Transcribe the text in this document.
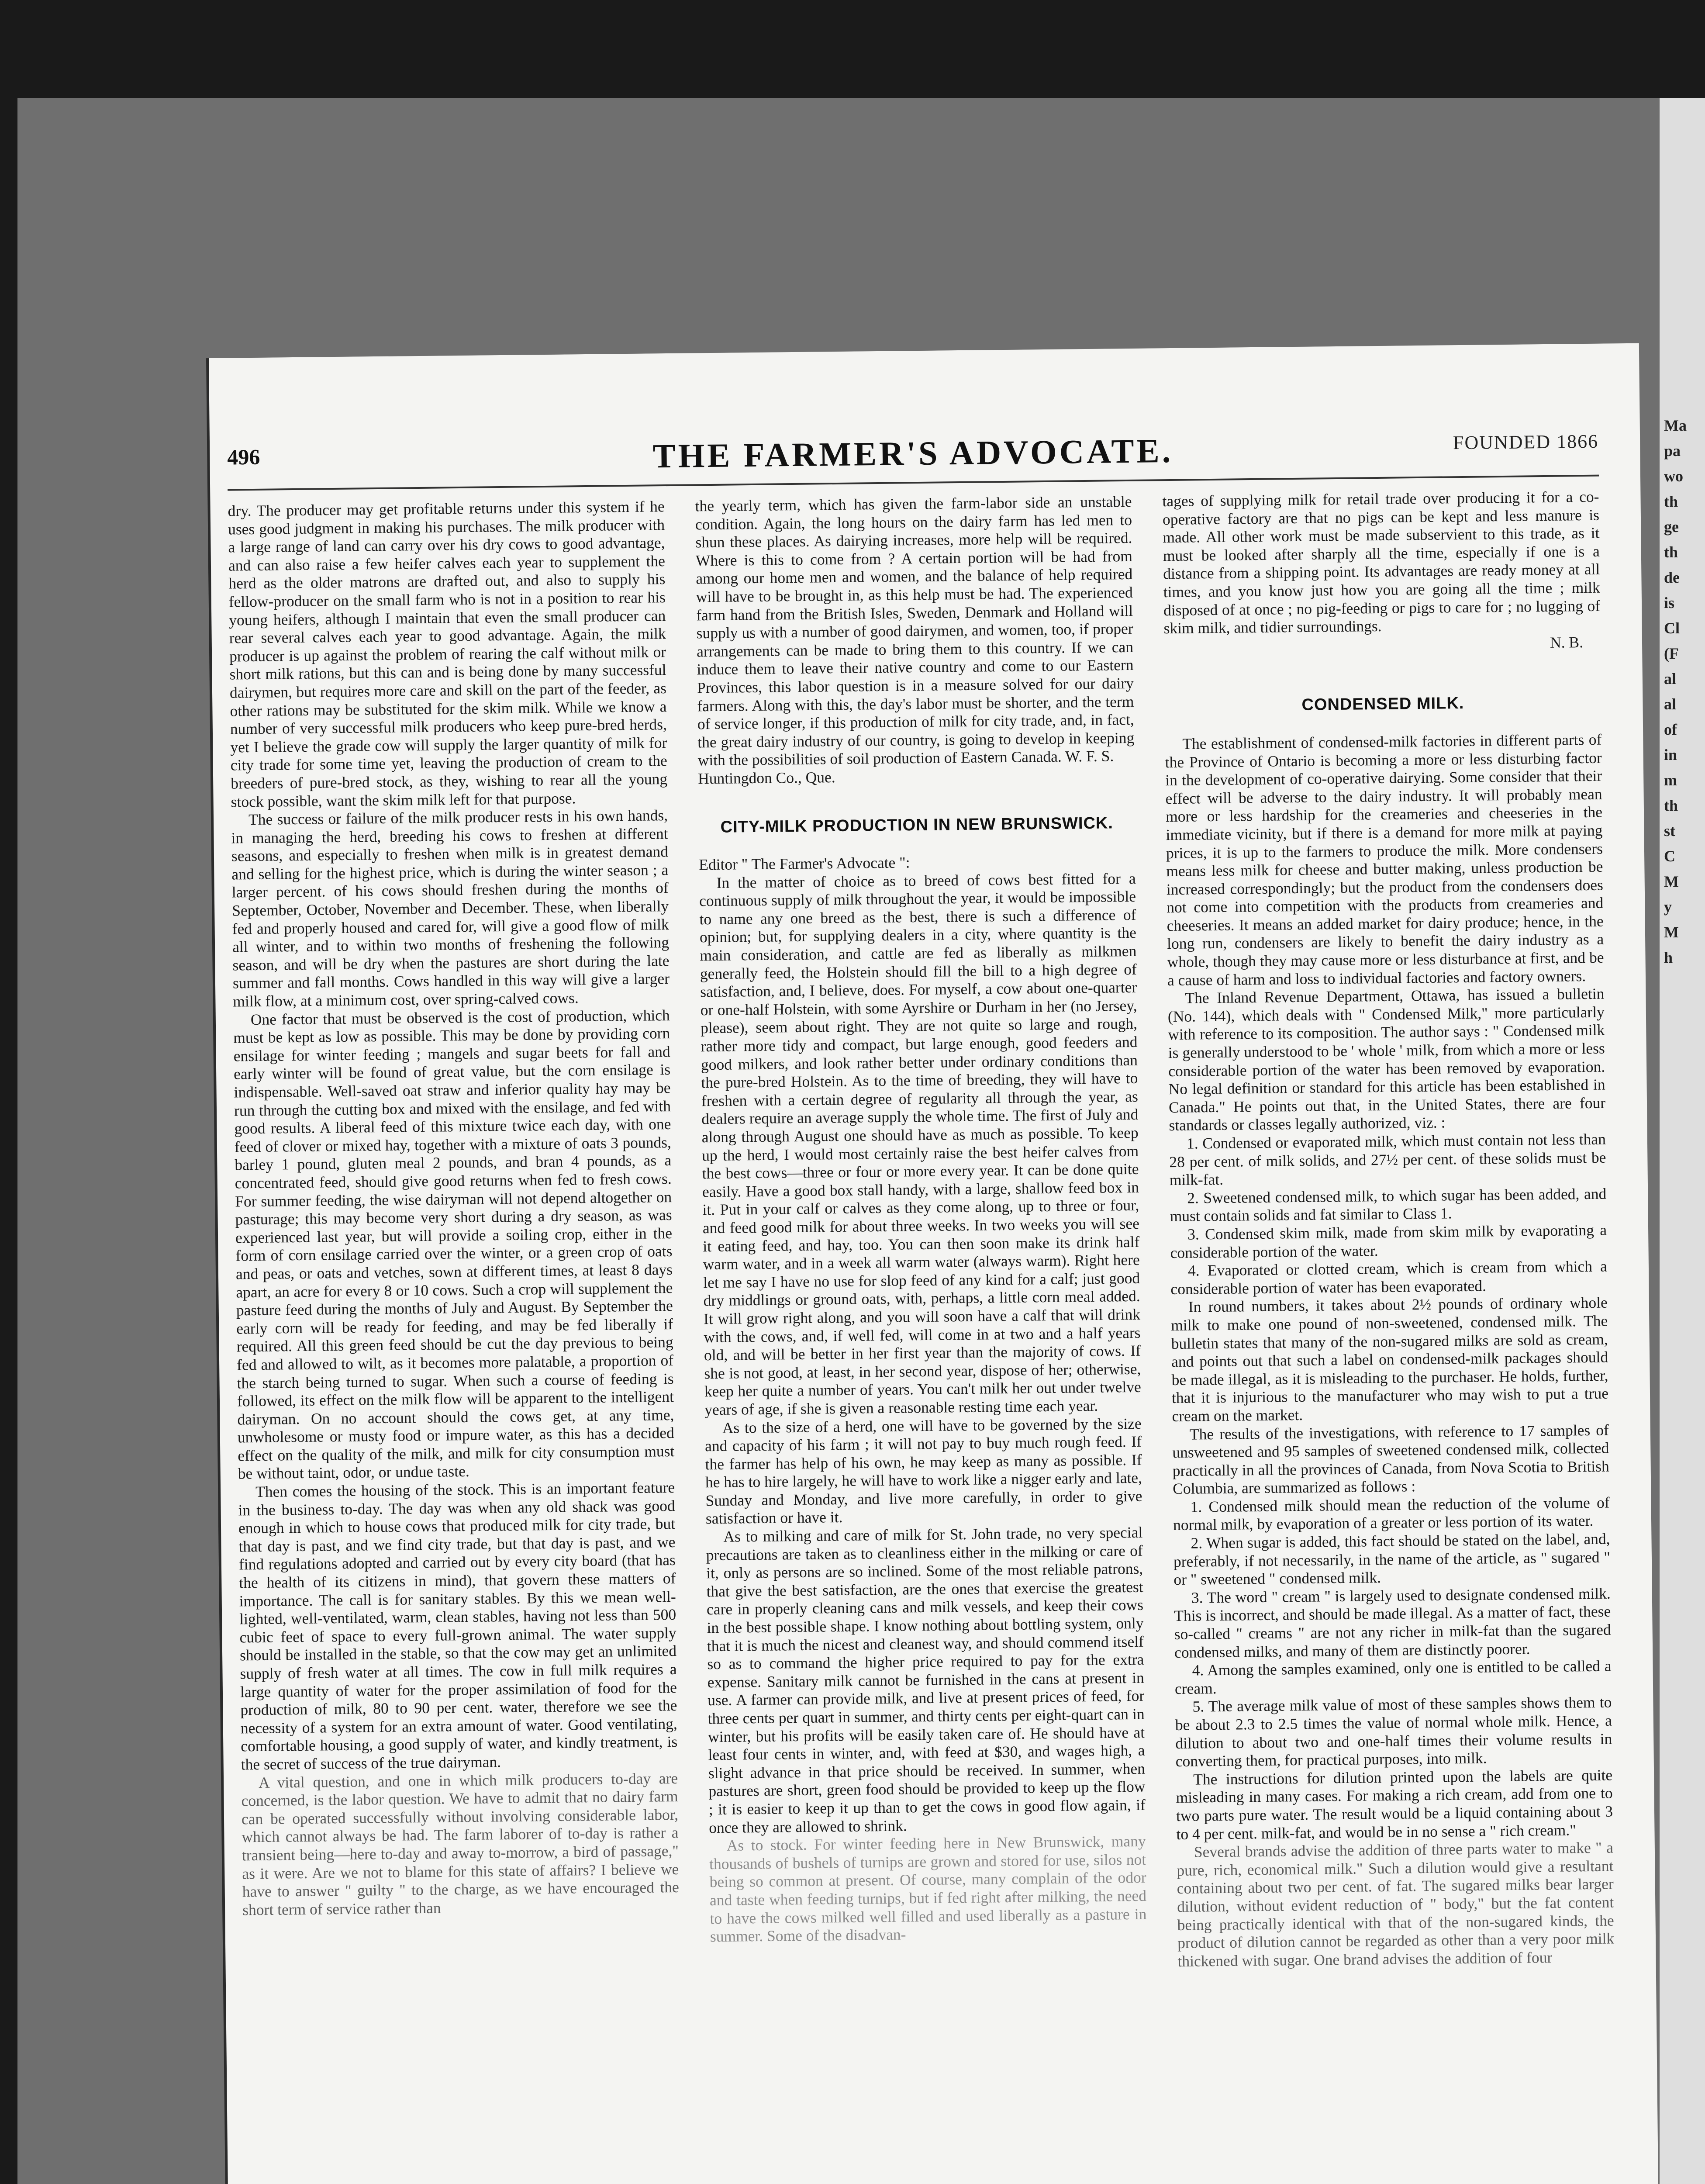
Ma
pa
wo
th
ge
th
de
is
Cl
(F
al
al
of
in
m
th
st
C
M
y
M
h
496	THE FARMER'S ADVOCATE.	FOUNDED 1866

dry. The producer may get profitable returns under this system if he uses good judgment in making his purchases. The milk producer with a large range of land can carry over his dry cows to good advantage, and can also raise a few heifer calves each year to supplement the herd as the older matrons are drafted out, and also to supply his fellow-producer on the small farm who is not in a position to rear his young heifers, although I maintain that even the small producer can rear several calves each year to good advantage. Again, the milk producer is up against the problem of rearing the calf without milk or short milk rations, but this can and is being done by many successful dairymen, but requires more care and skill on the part of the feeder, as other rations may be substituted for the skim milk. While we know a number of very successful milk producers who keep pure-bred herds, yet I believe the grade cow will supply the larger quantity of milk for city trade for some time yet, leaving the production of cream to the breeders of pure-bred stock, as they, wishing to rear all the young stock possible, want the skim milk left for that purpose.

The success or failure of the milk producer rests in his own hands, in managing the herd, breeding his cows to freshen at different seasons, and especially to freshen when milk is in greatest demand and selling for the highest price, which is during the winter season ; a larger percent. of his cows should freshen during the months of September, October, November and December. These, when liberally fed and properly housed and cared for, will give a good flow of milk all winter, and to within two months of freshening the following season, and will be dry when the pastures are short during the late summer and fall months. Cows handled in this way will give a larger milk flow, at a minimum cost, over spring-calved cows.

One factor that must be observed is the cost of production, which must be kept as low as possible. This may be done by providing corn ensilage for winter feeding ; mangels and sugar beets for fall and early winter will be found of great value, but the corn ensilage is indispensable. Well-saved oat straw and inferior quality hay may be run through the cutting box and mixed with the ensilage, and fed with good results. A liberal feed of this mixture twice each day, with one feed of clover or mixed hay, together with a mixture of oats 3 pounds, barley 1 pound, gluten meal 2 pounds, and bran 4 pounds, as a concentrated feed, should give good returns when fed to fresh cows. For summer feeding, the wise dairyman will not depend altogether on pasturage; this may become very short during a dry season, as was experienced last year, but will provide a soiling crop, either in the form of corn ensilage carried over the winter, or a green crop of oats and peas, or oats and vetches, sown at different times, at least 8 days apart, an acre for every 8 or 10 cows. Such a crop will supplement the pasture feed during the months of July and August. By September the early corn will be ready for feeding, and may be fed liberally if required. All this green feed should be cut the day previous to being fed and allowed to wilt, as it becomes more palatable, a proportion of the starch being turned to sugar. When such a course of feeding is followed, its effect on the milk flow will be apparent to the intelligent dairyman. On no account should the cows get, at any time, unwholesome or musty food or impure water, as this has a decided effect on the quality of the milk, and milk for city consumption must be without taint, odor, or undue taste.

Then comes the housing of the stock. This is an important feature in the business to-day. The day was when any old shack was good enough in which to house cows that produced milk for city trade, but that day is past, and we find city trade, but that day is past, and we find regulations adopted and carried out by every city board (that has the health of its citizens in mind), that govern these matters of importance. The call is for sanitary stables. By this we mean well-lighted, well-ventilated, warm, clean stables, having not less than 500 cubic feet of space to every full-grown animal. The water supply should be installed in the stable, so that the cow may get an unlimited supply of fresh water at all times. The cow in full milk requires a large quantity of water for the proper assimilation of food for the production of milk, 80 to 90 per cent. water, therefore we see the necessity of a system for an extra amount of water. Good ventilating, comfortable housing, a good supply of water, and kindly treatment, is the secret of success of the true dairyman.

A vital question, and one in which milk producers to-day are concerned, is the labor question. We have to admit that no dairy farm can be operated successfully without involving considerable labor, which cannot always be had. The farm laborer of to-day is rather a transient being—here to-day and away to-morrow, a bird of passage," as it were. Are we not to blame for this state of affairs? I believe we have to answer " guilty " to the charge, as we have encouraged the short term of service rather than

the yearly term, which has given the farm-labor side an unstable condition. Again, the long hours on the dairy farm has led men to shun these places. As dairying increases, more help will be required. Where is this to come from ? A certain portion will be had from among our home men and women, and the balance of help required will have to be brought in, as this help must be had. The experienced farm hand from the British Isles, Sweden, Denmark and Holland will supply us with a number of good dairymen, and women, too, if proper arrangements can be made to bring them to this country. If we can induce them to leave their native country and come to our Eastern Provinces, this labor question is in a measure solved for our dairy farmers. Along with this, the day's labor must be shorter, and the term of service longer, if this production of milk for city trade, and, in fact, the great dairy industry of our country, is going to develop in keeping with the possibilities of soil production of Eastern Canada. W. F. S.

Huntingdon Co., Que.

CITY-MILK PRODUCTION IN NEW BRUNSWICK.

Editor " The Farmer's Advocate ":

In the matter of choice as to breed of cows best fitted for a continuous supply of milk throughout the year, it would be impossible to name any one breed as the best, there is such a difference of opinion; but, for supplying dealers in a city, where quantity is the main consideration, and cattle are fed as liberally as milkmen generally feed, the Holstein should fill the bill to a high degree of satisfaction, and, I believe, does. For myself, a cow about one-quarter or one-half Holstein, with some Ayrshire or Durham in her (no Jersey, please), seem about right. They are not quite so large and rough, rather more tidy and compact, but large enough, good feeders and good milkers, and look rather better under ordinary conditions than the pure-bred Holstein. As to the time of breeding, they will have to freshen with a certain degree of regularity all through the year, as dealers require an average supply the whole time. The first of July and along through August one should have as much as possible. To keep up the herd, I would most certainly raise the best heifer calves from the best cows—three or four or more every year. It can be done quite easily. Have a good box stall handy, with a large, shallow feed box in it. Put in your calf or calves as they come along, up to three or four, and feed good milk for about three weeks. In two weeks you will see it eating feed, and hay, too. You can then soon make its drink half warm water, and in a week all warm water (always warm). Right here let me say I have no use for slop feed of any kind for a calf; just good dry middlings or ground oats, with, perhaps, a little corn meal added. It will grow right along, and you will soon have a calf that will drink with the cows, and, if well fed, will come in at two and a half years old, and will be better in her first year than the majority of cows. If she is not good, at least, in her second year, dispose of her; otherwise, keep her quite a number of years. You can't milk her out under twelve years of age, if she is given a reasonable resting time each year.

As to the size of a herd, one will have to be governed by the size and capacity of his farm ; it will not pay to buy much rough feed. If the farmer has help of his own, he may keep as many as possible. If he has to hire largely, he will have to work like a nigger early and late, Sunday and Monday, and live more carefully, in order to give satisfaction or have it.

As to milking and care of milk for St. John trade, no very special precautions are taken as to cleanliness either in the milking or care of it, only as persons are so inclined. Some of the most reliable patrons, that give the best satisfaction, are the ones that exercise the greatest care in properly cleaning cans and milk vessels, and keep their cows in the best possible shape. I know nothing about bottling system, only that it is much the nicest and cleanest way, and should commend itself so as to command the higher price required to pay for the extra expense. Sanitary milk cannot be furnished in the cans at present in use. A farmer can provide milk, and live at present prices of feed, for three cents per quart in summer, and thirty cents per eight-quart can in winter, but his profits will be easily taken care of. He should have at least four cents in winter, and, with feed at $30, and wages high, a slight advance in that price should be received. In summer, when pastures are short, green food should be provided to keep up the flow ; it is easier to keep it up than to get the cows in good flow again, if once they are allowed to shrink.

As to stock. For winter feeding here in New Brunswick, many thousands of bushels of turnips are grown and stored for use, silos not being so common at present. Of course, many complain of the odor and taste when feeding turnips, but if fed right after milking, the need to have the cows milked well filled and used liberally as a pasture in summer. Some of the disadvan-

tages of supplying milk for retail trade over producing it for a co-operative factory are that no pigs can be kept and less manure is made. All other work must be made subservient to this trade, as it must be looked after sharply all the time, especially if one is a distance from a shipping point. Its advantages are ready money at all times, and you know just how you are going all the time ; milk disposed of at once ; no pig-feeding or pigs to care for ; no lugging of skim milk, and tidier surroundings.

N. B.

CONDENSED MILK.

The establishment of condensed-milk factories in different parts of the Province of Ontario is becoming a more or less disturbing factor in the development of co-operative dairying. Some consider that their effect will be adverse to the dairy industry. It will probably mean more or less hardship for the creameries and cheeseries in the immediate vicinity, but if there is a demand for more milk at paying prices, it is up to the farmers to produce the milk. More condensers means less milk for cheese and butter making, unless production be increased correspondingly; but the product from the condensers does not come into competition with the products from creameries and cheeseries. It means an added market for dairy produce; hence, in the long run, condensers are likely to benefit the dairy industry as a whole, though they may cause more or less disturbance at first, and be a cause of harm and loss to individual factories and factory owners.

The Inland Revenue Department, Ottawa, has issued a bulletin (No. 144), which deals with " Condensed Milk," more particularly with reference to its composition. The author says : " Condensed milk is generally understood to be ' whole ' milk, from which a more or less considerable portion of the water has been removed by evaporation. No legal definition or standard for this article has been established in Canada." He points out that, in the United States, there are four standards or classes legally authorized, viz. :

1. Condensed or evaporated milk, which must contain not less than 28 per cent. of milk solids, and 27½ per cent. of these solids must be milk-fat.

2. Sweetened condensed milk, to which sugar has been added, and must contain solids and fat similar to Class 1.

3. Condensed skim milk, made from skim milk by evaporating a considerable portion of the water.

4. Evaporated or clotted cream, which is cream from which a considerable portion of water has been evaporated.

In round numbers, it takes about 2½ pounds of ordinary whole milk to make one pound of non-sweetened, condensed milk. The bulletin states that many of the non-sugared milks are sold as cream, and points out that such a label on condensed-milk packages should be made illegal, as it is misleading to the purchaser. He holds, further, that it is injurious to the manufacturer who may wish to put a true cream on the market.

The results of the investigations, with reference to 17 samples of unsweetened and 95 samples of sweetened condensed milk, collected practically in all the provinces of Canada, from Nova Scotia to British Columbia, are summarized as follows :

1. Condensed milk should mean the reduction of the volume of normal milk, by evaporation of a greater or less portion of its water.

2. When sugar is added, this fact should be stated on the label, and, preferably, if not necessarily, in the name of the article, as " sugared " or " sweetened " condensed milk.

3. The word " cream " is largely used to designate condensed milk. This is incorrect, and should be made illegal. As a matter of fact, these so-called " creams " are not any richer in milk-fat than the sugared condensed milks, and many of them are distinctly poorer.

4. Among the samples examined, only one is entitled to be called a cream.

5. The average milk value of most of these samples shows them to be about 2.3 to 2.5 times the value of normal whole milk. Hence, a dilution to about two and one-half times their volume results in converting them, for practical purposes, into milk.

The instructions for dilution printed upon the labels are quite misleading in many cases. For making a rich cream, add from one to two parts pure water. The result would be a liquid containing about 3 to 4 per cent. milk-fat, and would be in no sense a " rich cream."

Several brands advise the addition of three parts water to make " a pure, rich, economical milk." Such a dilution would give a resultant containing about two per cent. of fat. The sugared milks bear larger dilution, without evident reduction of " body," but the fat content being practically identical with that of the non-sugared kinds, the product of dilution cannot be regarded as other than a very poor milk thickened with sugar. One brand advises the addition of four
